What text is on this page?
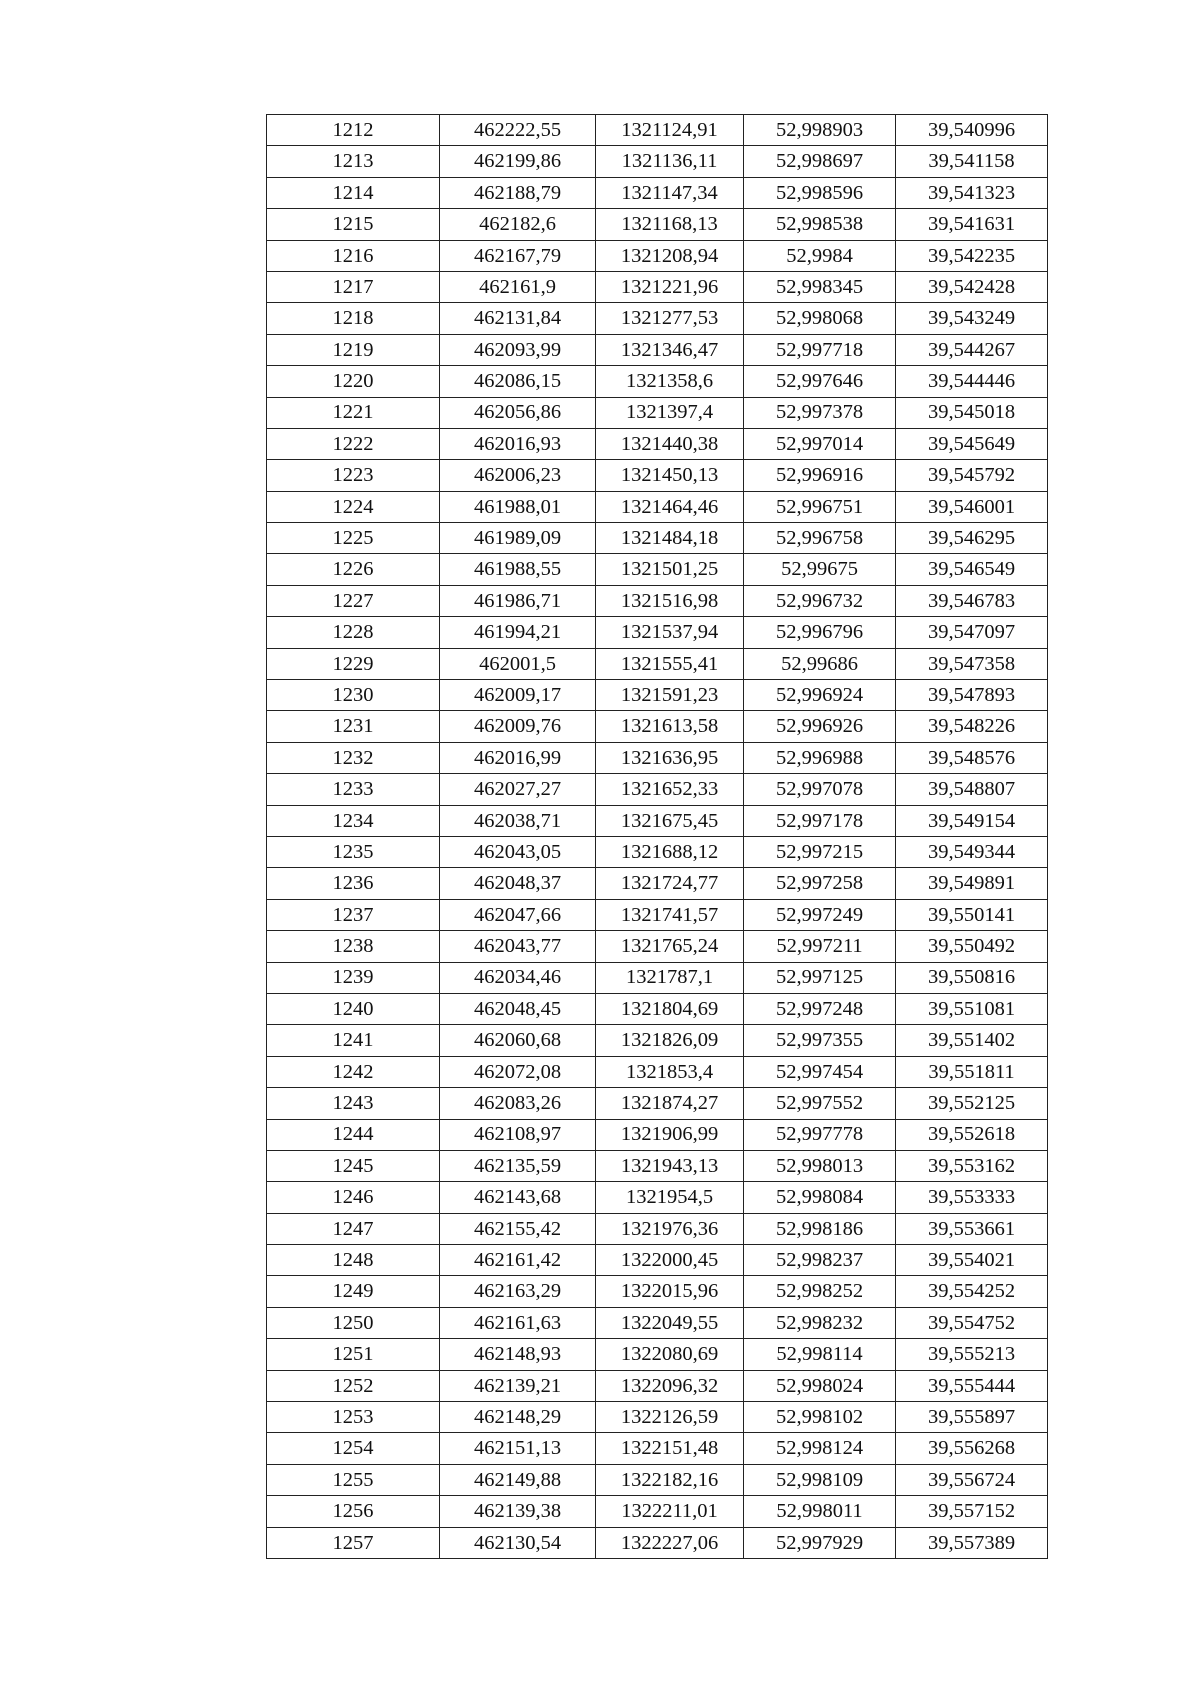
1212	462222,55	1321124,91	52,998903	39,540996
1213	462199,86	1321136,11	52,998697	39,541158
1214	462188,79	1321147,34	52,998596	39,541323
1215	462182,6	1321168,13	52,998538	39,541631
1216	462167,79	1321208,94	52,9984	39,542235
1217	462161,9	1321221,96	52,998345	39,542428
1218	462131,84	1321277,53	52,998068	39,543249
1219	462093,99	1321346,47	52,997718	39,544267
1220	462086,15	1321358,6	52,997646	39,544446
1221	462056,86	1321397,4	52,997378	39,545018
1222	462016,93	1321440,38	52,997014	39,545649
1223	462006,23	1321450,13	52,996916	39,545792
1224	461988,01	1321464,46	52,996751	39,546001
1225	461989,09	1321484,18	52,996758	39,546295
1226	461988,55	1321501,25	52,99675	39,546549
1227	461986,71	1321516,98	52,996732	39,546783
1228	461994,21	1321537,94	52,996796	39,547097
1229	462001,5	1321555,41	52,99686	39,547358
1230	462009,17	1321591,23	52,996924	39,547893
1231	462009,76	1321613,58	52,996926	39,548226
1232	462016,99	1321636,95	52,996988	39,548576
1233	462027,27	1321652,33	52,997078	39,548807
1234	462038,71	1321675,45	52,997178	39,549154
1235	462043,05	1321688,12	52,997215	39,549344
1236	462048,37	1321724,77	52,997258	39,549891
1237	462047,66	1321741,57	52,997249	39,550141
1238	462043,77	1321765,24	52,997211	39,550492
1239	462034,46	1321787,1	52,997125	39,550816
1240	462048,45	1321804,69	52,997248	39,551081
1241	462060,68	1321826,09	52,997355	39,551402
1242	462072,08	1321853,4	52,997454	39,551811
1243	462083,26	1321874,27	52,997552	39,552125
1244	462108,97	1321906,99	52,997778	39,552618
1245	462135,59	1321943,13	52,998013	39,553162
1246	462143,68	1321954,5	52,998084	39,553333
1247	462155,42	1321976,36	52,998186	39,553661
1248	462161,42	1322000,45	52,998237	39,554021
1249	462163,29	1322015,96	52,998252	39,554252
1250	462161,63	1322049,55	52,998232	39,554752
1251	462148,93	1322080,69	52,998114	39,555213
1252	462139,21	1322096,32	52,998024	39,555444
1253	462148,29	1322126,59	52,998102	39,555897
1254	462151,13	1322151,48	52,998124	39,556268
1255	462149,88	1322182,16	52,998109	39,556724
1256	462139,38	1322211,01	52,998011	39,557152
1257	462130,54	1322227,06	52,997929	39,557389
